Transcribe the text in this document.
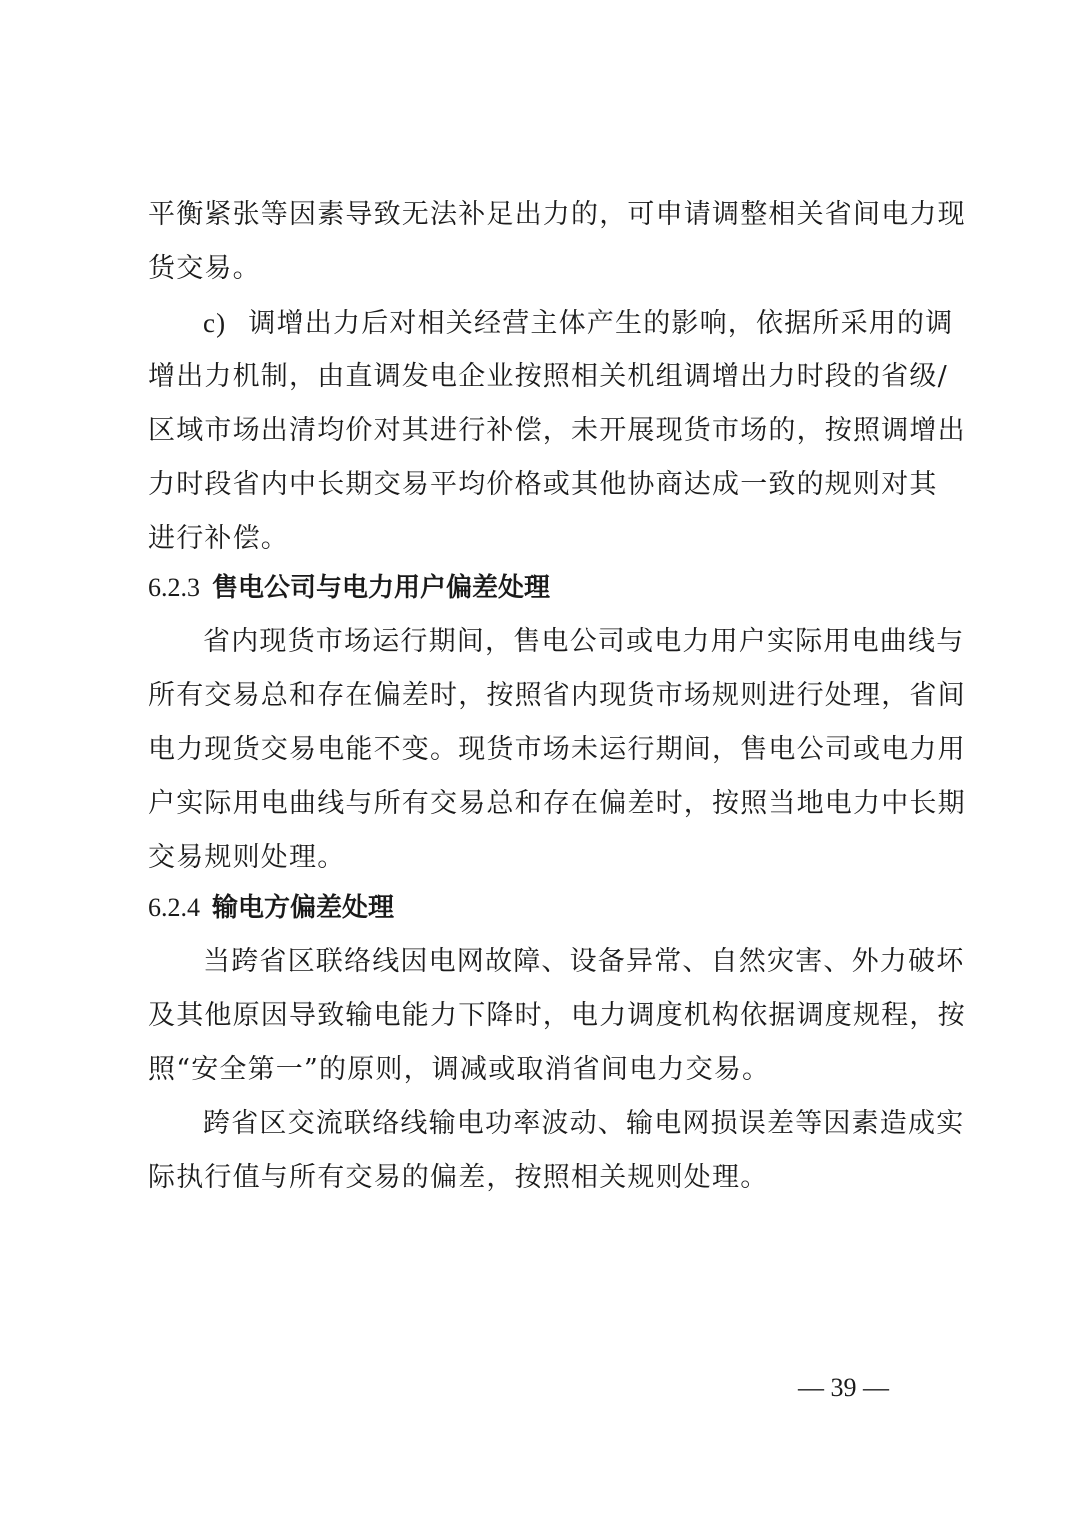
平衡紧张等因素导致无法补足出力的，可申请调整相关省间电力现
货交易。
c) 调增出力后对相关经营主体产生的影响，依据所采用的调
增出力机制，由直调发电企业按照相关机组调增出力时段的省级/
区域市场出清均价对其进行补偿，未开展现货市场的，按照调增出
力时段省内中长期交易平均价格或其他协商达成一致的规则对其
进行补偿。
6.2.3 售电公司与电力用户偏差处理
省内现货市场运行期间，售电公司或电力用户实际用电曲线与
所有交易总和存在偏差时，按照省内现货市场规则进行处理，省间
电力现货交易电能不变。现货市场未运行期间，售电公司或电力用
户实际用电曲线与所有交易总和存在偏差时，按照当地电力中长期
交易规则处理。
6.2.4 输电方偏差处理
当跨省区联络线因电网故障、设备异常、自然灾害、外力破坏
及其他原因导致输电能力下降时，电力调度机构依据调度规程，按
照“安全第一”的原则，调减或取消省间电力交易。
跨省区交流联络线输电功率波动、输电网损误差等因素造成实
际执行值与所有交易的偏差，按照相关规则处理。
— 39 —
